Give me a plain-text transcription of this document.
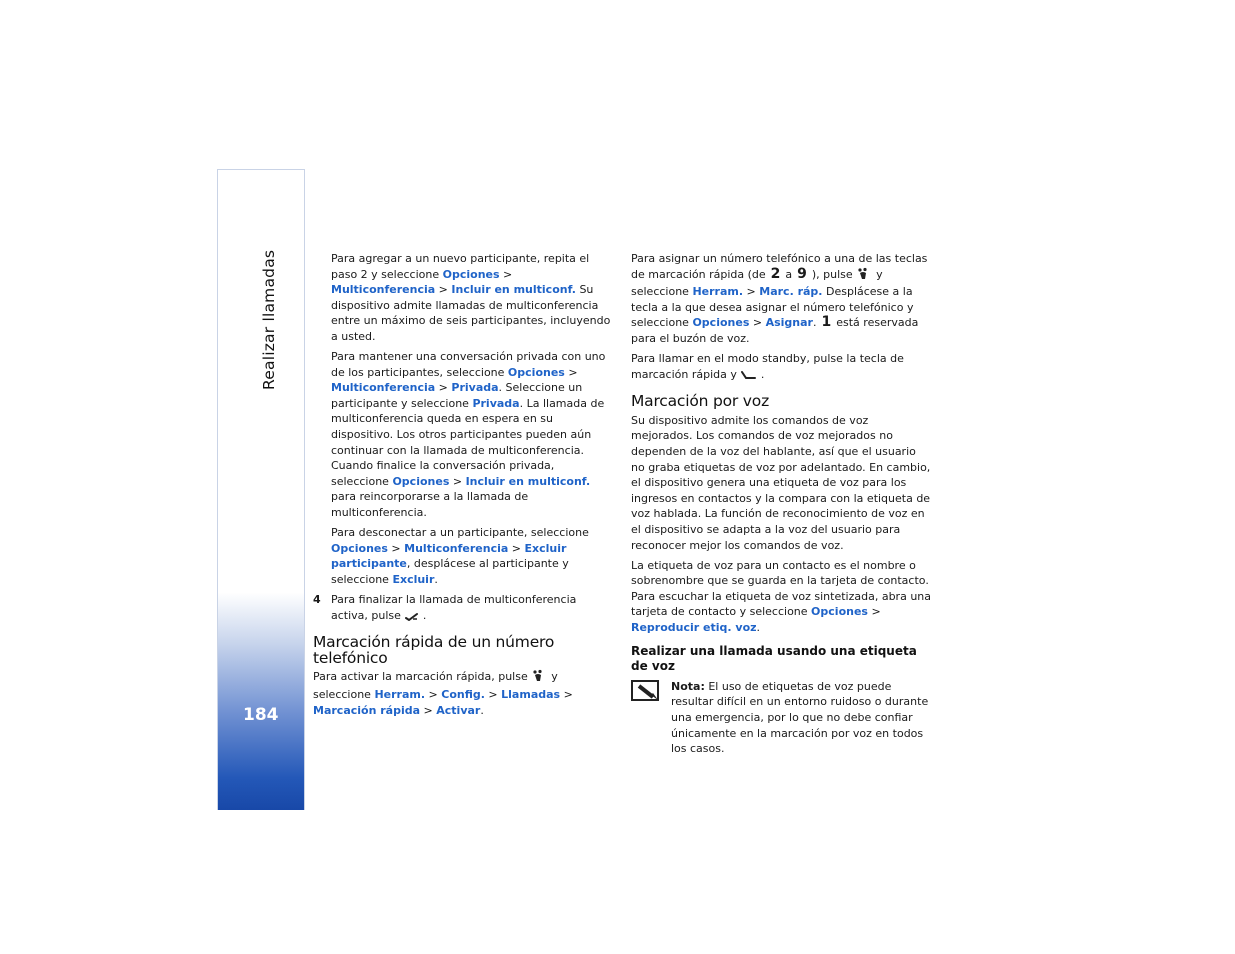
Realizar llamadas
184

Para agregar a un nuevo participante, repita el paso 2 y seleccione Opciones > Multiconferencia > Incluir en multiconf. Su dispositivo admite llamadas de multiconferencia entre un máximo de seis participantes, incluyendo a usted.

Para mantener una conversación privada con uno de los participantes, seleccione Opciones > Multiconferencia > Privada. Seleccione un participante y seleccione Privada. La llamada de multiconferencia queda en espera en su dispositivo. Los otros participantes pueden aún continuar con la llamada de multiconferencia. Cuando finalice la conversación privada, seleccione Opciones > Incluir en multiconf. para reincorporarse a la llamada de multiconferencia.

Para desconectar a un participante, seleccione Opciones > Multiconferencia > Excluir participante, desplácese al participante y seleccione Excluir.

4 Para finalizar la llamada de multiconferencia activa, pulse .

Marcación rápida de un número telefónico

Para activar la marcación rápida, pulse y seleccione Herram. > Config. > Llamadas > Marcación rápida > Activar.

Para asignar un número telefónico a una de las teclas de marcación rápida (de 2 a 9 ), pulse y seleccione Herram. > Marc. ráp. Desplácese a la tecla a la que desea asignar el número telefónico y seleccione Opciones > Asignar. 1 está reservada para el buzón de voz.

Para llamar en el modo standby, pulse la tecla de marcación rápida y .

Marcación por voz

Su dispositivo admite los comandos de voz mejorados. Los comandos de voz mejorados no dependen de la voz del hablante, así que el usuario no graba etiquetas de voz por adelantado. En cambio, el dispositivo genera una etiqueta de voz para los ingresos en contactos y la compara con la etiqueta de voz hablada. La función de reconocimiento de voz en el dispositivo se adapta a la voz del usuario para reconocer mejor los comandos de voz.

La etiqueta de voz para un contacto es el nombre o sobrenombre que se guarda en la tarjeta de contacto. Para escuchar la etiqueta de voz sintetizada, abra una tarjeta de contacto y seleccione Opciones > Reproducir etiq. voz.

Realizar una llamada usando una etiqueta de voz

Nota: El uso de etiquetas de voz puede resultar difícil en un entorno ruidoso o durante una emergencia, por lo que no debe confiar únicamente en la marcación por voz en todos los casos.
